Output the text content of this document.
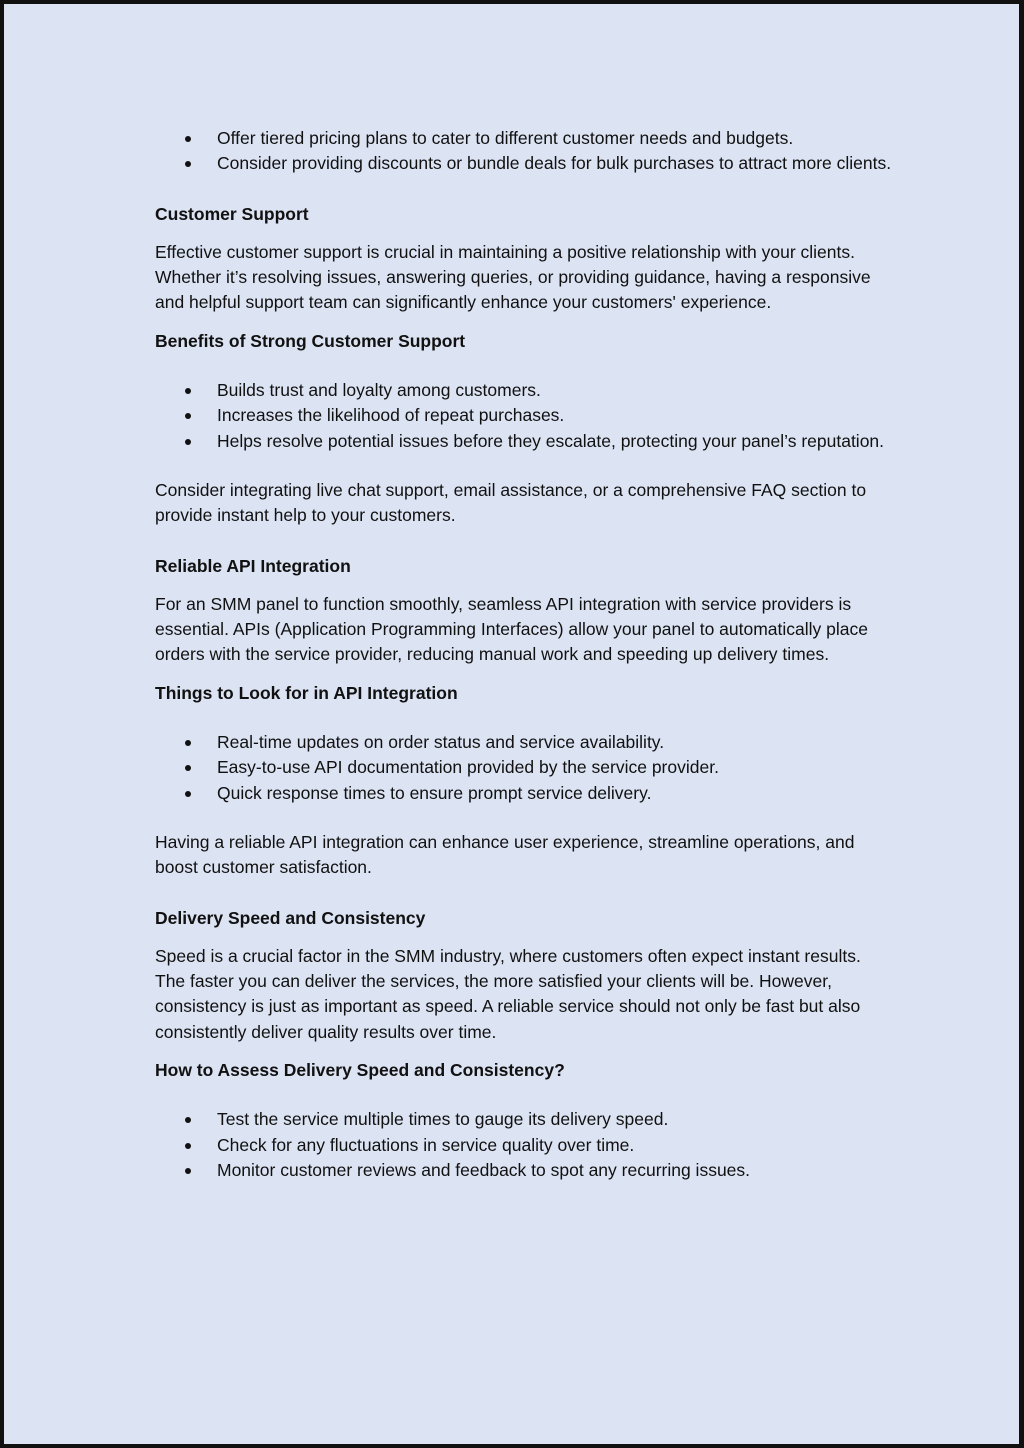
Offer tiered pricing plans to cater to different customer needs and budgets.
Consider providing discounts or bundle deals for bulk purchases to attract more clients.
Customer Support

Effective customer support is crucial in maintaining a positive relationship with your clients. Whether it’s resolving issues, answering queries, or providing guidance, having a responsive and helpful support team can significantly enhance your customers' experience.

Benefits of Strong Customer Support
Builds trust and loyalty among customers.
Increases the likelihood of repeat purchases.
Helps resolve potential issues before they escalate, protecting your panel’s reputation.

Consider integrating live chat support, email assistance, or a comprehensive FAQ section to provide instant help to your customers.

Reliable API Integration

For an SMM panel to function smoothly, seamless API integration with service providers is essential. APIs (Application Programming Interfaces) allow your panel to automatically place orders with the service provider, reducing manual work and speeding up delivery times.

Things to Look for in API Integration
Real-time updates on order status and service availability.
Easy-to-use API documentation provided by the service provider.
Quick response times to ensure prompt service delivery.

Having a reliable API integration can enhance user experience, streamline operations, and boost customer satisfaction.

Delivery Speed and Consistency

Speed is a crucial factor in the SMM industry, where customers often expect instant results. The faster you can deliver the services, the more satisfied your clients will be. However, consistency is just as important as speed. A reliable service should not only be fast but also consistently deliver quality results over time.

How to Assess Delivery Speed and Consistency?
Test the service multiple times to gauge its delivery speed.
Check for any fluctuations in service quality over time.
Monitor customer reviews and feedback to spot any recurring issues.
